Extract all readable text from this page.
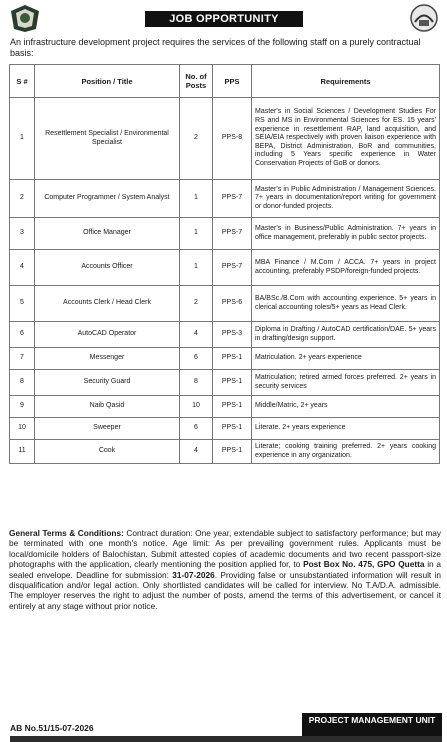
JOB OPPORTUNITY
An infrastructure development project requires the services of the following staff on a purely contractual basis:
S #	Position / Title	No. of Posts	PPS	Requirements
1	Resettlement Specialist / Environmental Specialist	2	PPS-8	Master's in Social Sciences / Development Studies For RS and MS in Environmental Sciences for ES. 15 years' experience in resettlement RAP, land acquisition, and SEIA/EIA respectively with proven liaison experience with BEPA, District Administration, BoR and communities, including 5 Years specific experience in Water Conservation Projects of GoB or donors.
2	Computer Programmer / System Analyst	1	PPS-7	Master's in Public Administration / Management Sciences. 7+ years in documentation/report writing for government or donor-funded projects.
3	Office Manager	1	PPS-7	Master's in Business/Public Administration. 7+ years in office management, preferably in public sector projects.
4	Accounts Officer	1	PPS-7	MBA Finance / M.Com / ACCA. 7+ years in project accounting, preferably PSDP/foreign-funded projects.
5	Accounts Clerk / Head Clerk	2	PPS-6	BA/BSc./B.Com with accounting experience. 5+ years in clerical accounting roles/5+ years as Head Clerk.
6	AutoCAD Operator	4	PPS-3	Diploma in Drafting / AutoCAD certification/DAE. 5+ years in drafting/design support.
7	Messenger	6	PPS-1	Matriculation. 2+ years experience
8	Security Guard	8	PPS-1	Matriculation; retired armed forces preferred. 2+ years in security services
9	Naib Qasid	10	PPS-1	Middle/Matric, 2+ years
10	Sweeper	6	PPS-1	Literate. 2+ years experience
11	Cook	4	PPS-1	Literate; cooking training preferred. 2+ years cooking experience in any organization.
General Terms & Conditions: Contract duration: One year, extendable subject to satisfactory performance; but may be terminated with one month's notice. Age limit: As per prevailing government rules. Applicants must be local/domicile holders of Balochistan. Submit attested copies of academic documents and two recent passport-size photographs with the application, clearly mentioning the position applied for, to Post Box No. 475, GPO Quetta in a sealed envelope. Deadline for submission: 31-07-2026. Providing false or unsubstantiated information will result in disqualification and/or legal action. Only shortlisted candidates will be called for interview. No T.A/D.A. admissible. The employer reserves the right to adjust the number of posts, amend the terms of this advertisement, or cancel it entirely at any stage without prior notice.
AB No.51/15-07-2026
PROJECT MANAGEMENT UNIT
